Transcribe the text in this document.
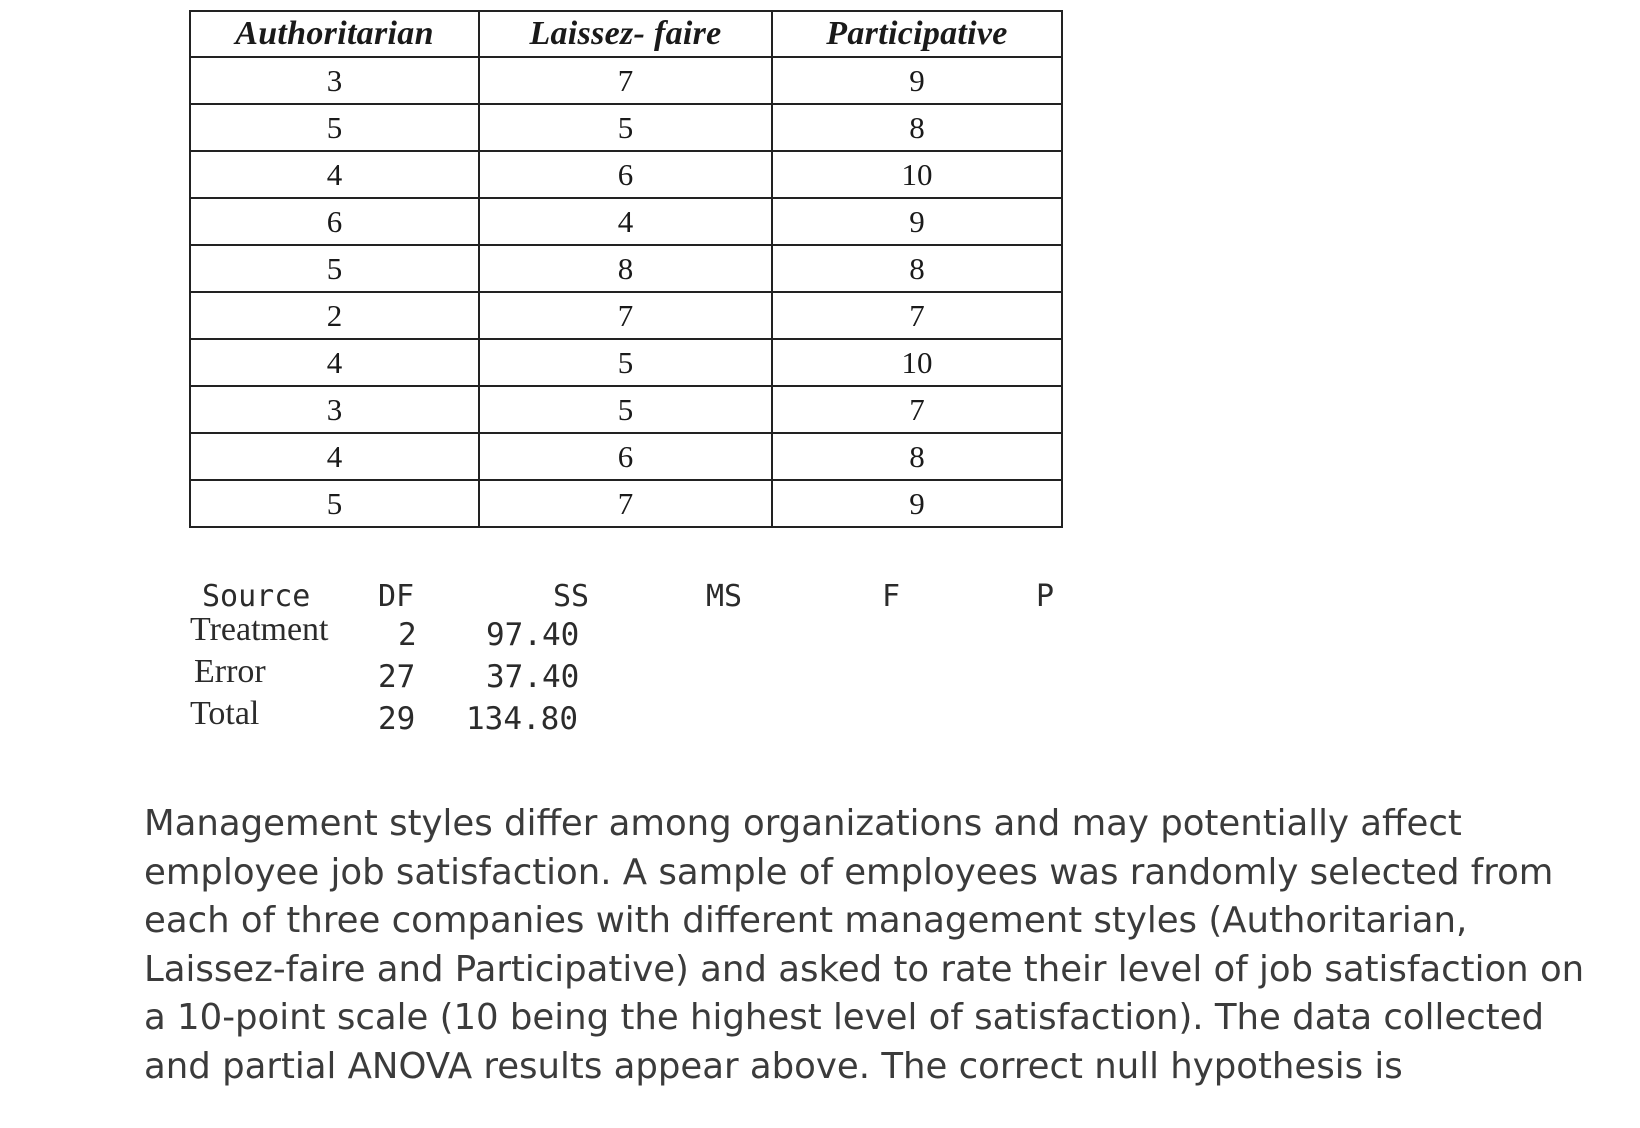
Authoritarian	Laissez- faire	Participative
3	7	9
5	5	8
4	6	10
6	4	9
5	8	8
2	7	7
4	5	10
3	5	7
4	6	8
5	7	9
Source DF	SS	MS	F	P
Treatment 2 97.40
Error	27 37.40
Total	29 134.80

Management styles differ among organizations and may potentially affect employee job satisfaction. A sample of employees was randomly selected from each of three companies with different management styles (Authoritarian, Laissez-faire and Participative) and asked to rate their level of job satisfaction on a 10-point scale (10 being the highest level of satisfaction). The data collected and partial ANOVA results appear above. The correct null hypothesis is
